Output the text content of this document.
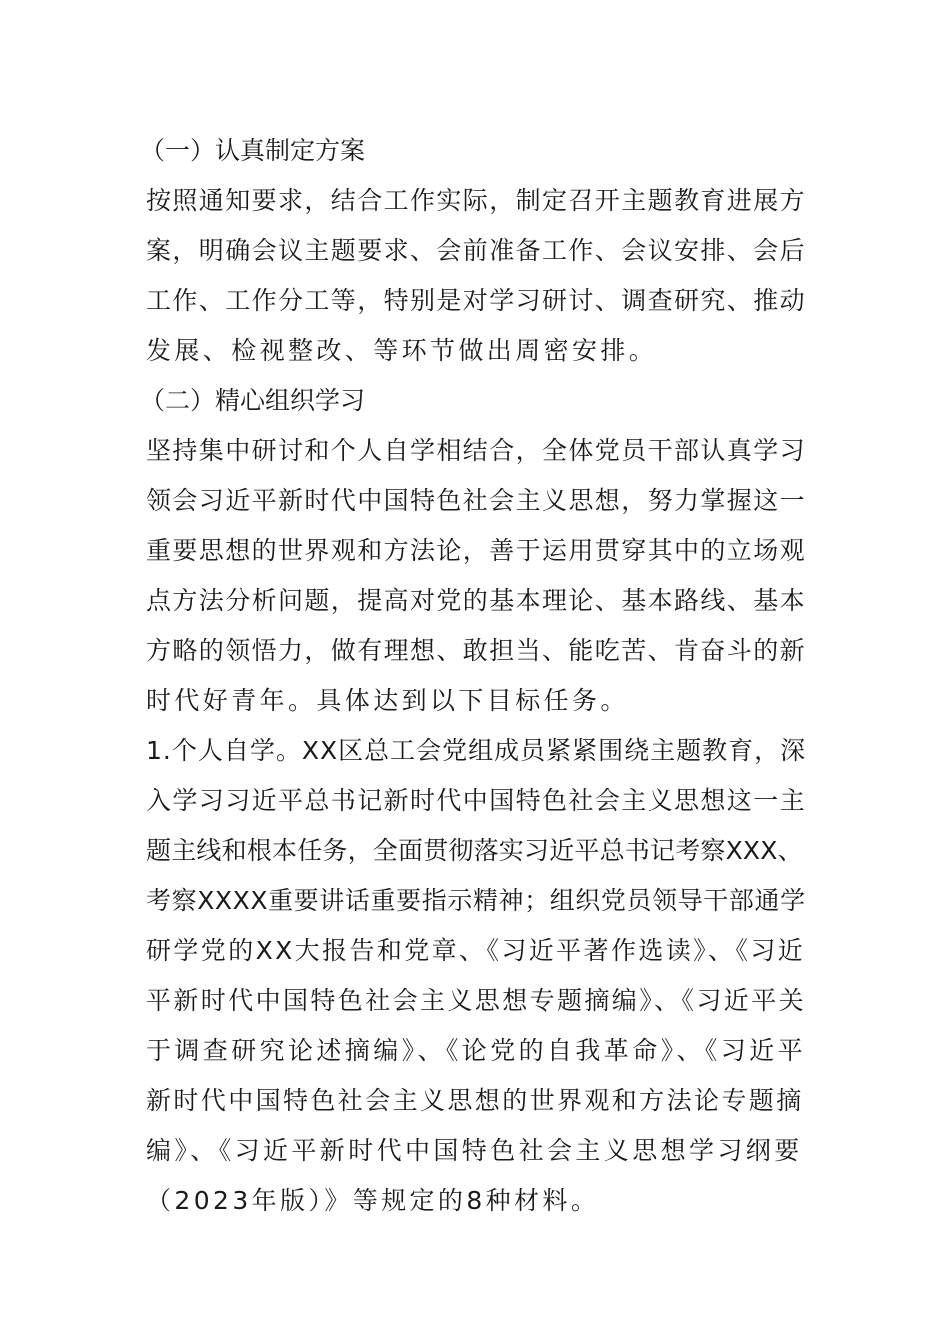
（一）认真制定方案
按照通知要求，结合工作实际，制定召开主题教育进展方
案，明确会议主题要求、会前准备工作、会议安排、会后
工作、工作分工等，特别是对学习研讨、调查研究、推动
发展、检视整改、等环节做出周密安排。
（二）精心组织学习
坚持集中研讨和个人自学相结合，全体党员干部认真学习
领会习近平新时代中国特色社会主义思想，努力掌握这一
重要思想的世界观和方法论，善于运用贯穿其中的立场观
点方法分析问题，提高对党的基本理论、基本路线、基本
方略的领悟力，做有理想、敢担当、能吃苦、肯奋斗的新
时代好青年。具体达到以下目标任务。
1.个人自学。XX区总工会党组成员紧紧围绕主题教育，深
入学习习近平总书记新时代中国特色社会主义思想这一主
题主线和根本任务，全面贯彻落实习近平总书记考察XXX、
考察XXXX重要讲话重要指示精神；组织党员领导干部通学
研学党的XX大报告和党章、《习近平著作选读》、《习近
平新时代中国特色社会主义思想专题摘编》、《习近平关
于调查研究论述摘编》、《论党的自我革命》、《习近平
新时代中国特色社会主义思想的世界观和方法论专题摘
编》、《习近平新时代中国特色社会主义思想学习纲要
（2023年版）》等规定的8种材料。
